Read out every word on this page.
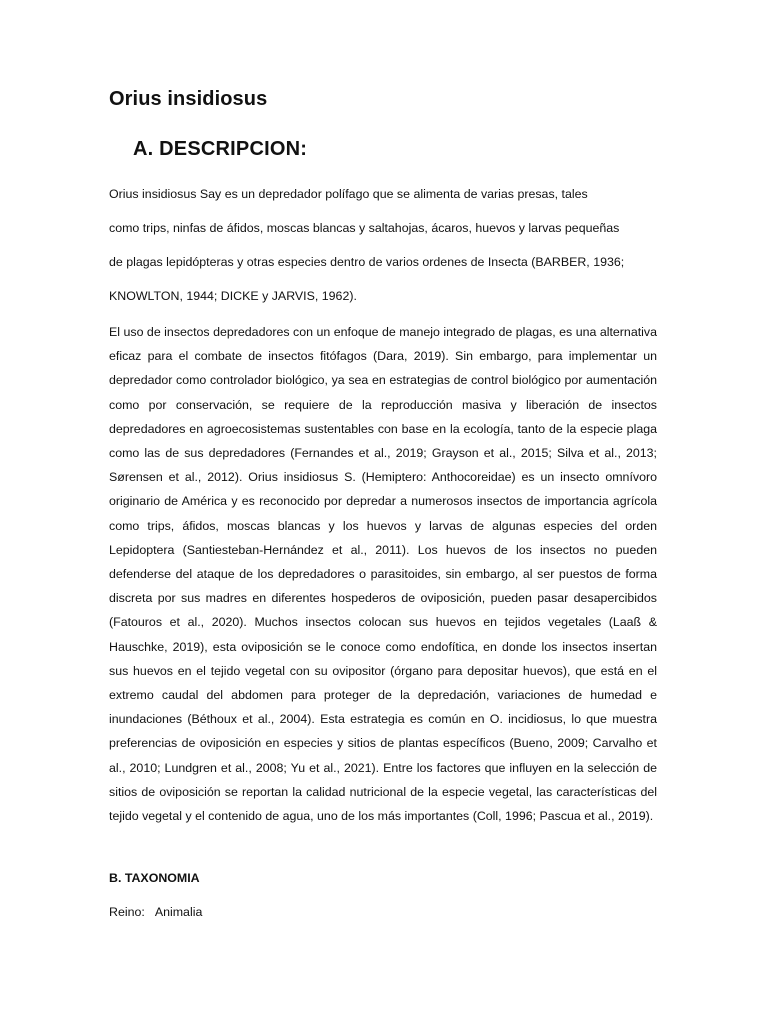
Orius insidiosus
A. DESCRIPCION:
Orius insidiosus Say es un depredador polífago que se alimenta de varias presas, tales
como trips, ninfas de áfidos, moscas blancas y saltahojas, ácaros, huevos y larvas pequeñas
de plagas lepidópteras y otras especies dentro de varios ordenes de Insecta (BARBER, 1936;
KNOWLTON, 1944; DICKE y JARVIS, 1962).
El uso de insectos depredadores con un enfoque de manejo integrado de plagas, es una alternativa eficaz para el combate de insectos fitófagos (Dara, 2019). Sin embargo, para implementar un depredador como controlador biológico, ya sea en estrategias de control biológico por aumentación como por conservación, se requiere de la reproducción masiva y liberación de insectos depredadores en agroecosistemas sustentables con base en la ecología, tanto de la especie plaga como las de sus depredadores (Fernandes et al., 2019; Grayson et al., 2015; Silva et al., 2013; Sørensen et al., 2012). Orius insidiosus S. (Hemiptero: Anthocoreidae) es un insecto omnívoro originario de América y es reconocido por depredar a numerosos insectos de importancia agrícola como trips, áfidos, moscas blancas y los huevos y larvas de algunas especies del orden Lepidoptera (Santiesteban-Hernández et al., 2011). Los huevos de los insectos no pueden defenderse del ataque de los depredadores o parasitoides, sin embargo, al ser puestos de forma discreta por sus madres en diferentes hospederos de oviposición, pueden pasar desapercibidos (Fatouros et al., 2020). Muchos insectos colocan sus huevos en tejidos vegetales (Laaß & Hauschke, 2019), esta oviposición se le conoce como endofítica, en donde los insectos insertan sus huevos en el tejido vegetal con su ovipositor (órgano para depositar huevos), que está en el extremo caudal del abdomen para proteger de la depredación, variaciones de humedad e inundaciones (Béthoux et al., 2004). Esta estrategia es común en O. incidiosus, lo que muestra preferencias de oviposición en especies y sitios de plantas específicos (Bueno, 2009; Carvalho et al., 2010; Lundgren et al., 2008; Yu et al., 2021). Entre los factores que influyen en la selección de sitios de oviposición se reportan la calidad nutricional de la especie vegetal, las características del tejido vegetal y el contenido de agua, uno de los más importantes (Coll, 1996; Pascua et al., 2019).
B. TAXONOMIA
Reino: Animalia
